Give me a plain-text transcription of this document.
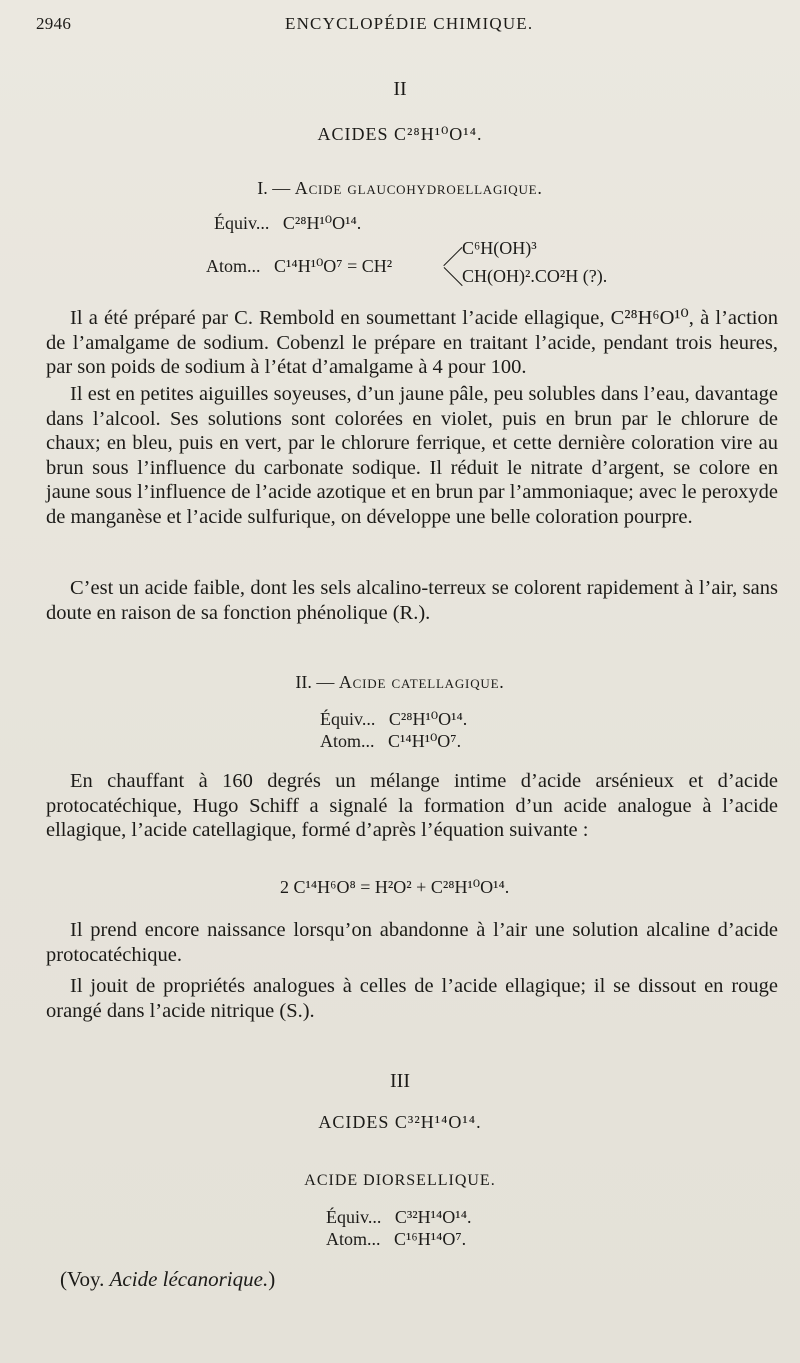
2946	ENCYCLOPÉDIE CHIMIQUE.
II
ACIDES C²⁸H¹⁰O¹⁴.
I. — Acide glaucohydroellagique.
Équiv... C²⁸H¹⁰O¹⁴.
Atom... C¹⁴H¹⁰O⁷ = CH²
C⁶H(OH)³
CH(OH)².CO²H (?).

Il a été préparé par C. Rembold en soumettant l’acide ellagique, C²⁸H⁶O¹⁰, à l’action de l’amalgame de sodium. Cobenzl le prépare en traitant l’acide, pendant trois heures, par son poids de sodium à l’état d’amalgame à 4 pour 100.

Il est en petites aiguilles soyeuses, d’un jaune pâle, peu solubles dans l’eau, davantage dans l’alcool. Ses solutions sont colorées en violet, puis en brun par le chlorure de chaux; en bleu, puis en vert, par le chlorure ferrique, et cette dernière coloration vire au brun sous l’influence du carbonate sodique. Il réduit le nitrate d’argent, se colore en jaune sous l’influence de l’acide azotique et en brun par l’ammoniaque; avec le peroxyde de manganèse et l’acide sulfurique, on développe une belle coloration pourpre.

C’est un acide faible, dont les sels alcalino-terreux se colorent rapidement à l’air, sans doute en raison de sa fonction phénolique (R.).

II. — Acide catellagique.
Équiv... C²⁸H¹⁰O¹⁴.
Atom... C¹⁴H¹⁰O⁷.

En chauffant à 160 degrés un mélange intime d’acide arsénieux et d’acide protocatéchique, Hugo Schiff a signalé la formation d’un acide analogue à l’acide ellagique, l’acide catellagique, formé d’après l’équation suivante :

2 C¹⁴H⁶O⁸ = H²O² + C²⁸H¹⁰O¹⁴.

Il prend encore naissance lorsqu’on abandonne à l’air une solution alcaline d’acide protocatéchique.

Il jouit de propriétés analogues à celles de l’acide ellagique; il se dissout en rouge orangé dans l’acide nitrique (S.).

III
ACIDES C³²H¹⁴O¹⁴.
ACIDE DIORSELLIQUE.
Équiv... C³²H¹⁴O¹⁴.
Atom... C¹⁶H¹⁴O⁷.
(Voy. Acide lécanorique.)
